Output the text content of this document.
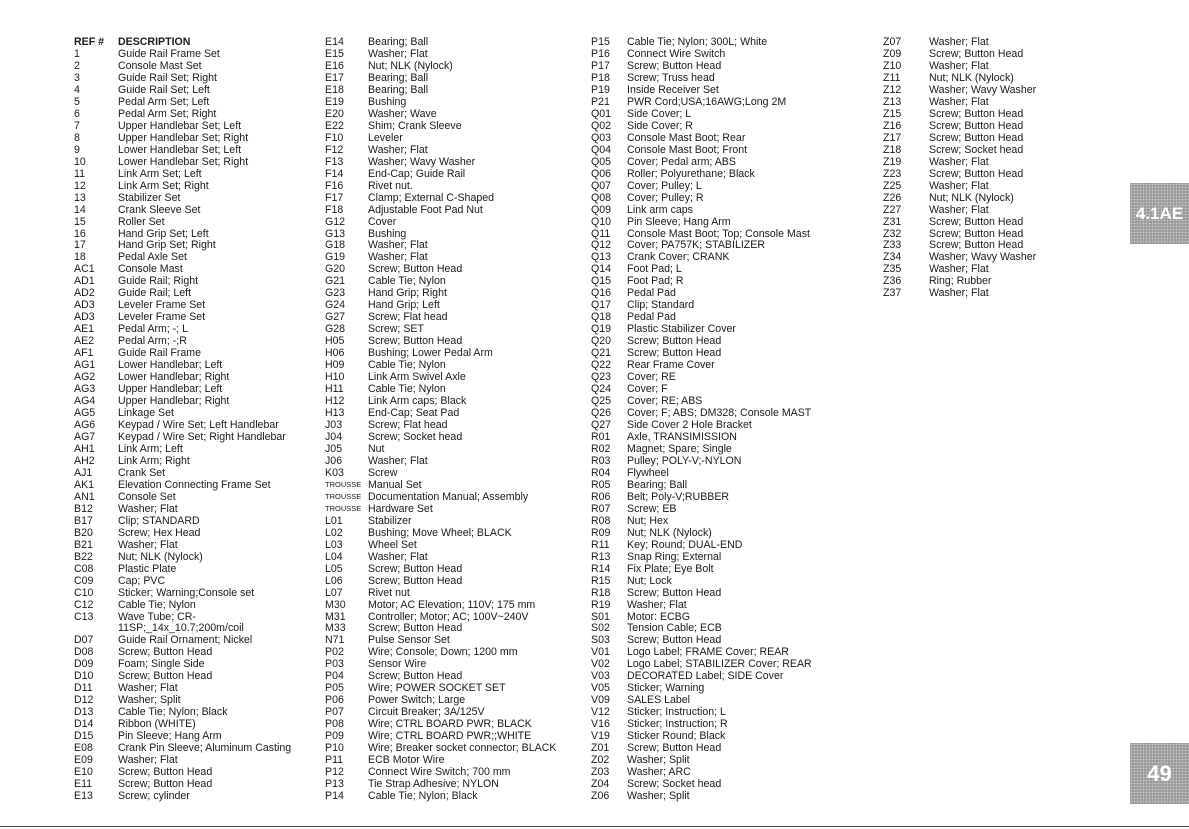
REF # DESCRIPTION
1	Guide Rail Frame Set
2	Console Mast Set
3	Guide Rail Set; Right
4	Guide Rail Set; Left
5	Pedal Arm Set; Left
6	Pedal Arm Set; Right
7	Upper Handlebar Set; Left
8	Upper Handlebar Set; Right
9	Lower Handlebar Set; Left
10	Lower Handlebar Set; Right
11	Link Arm Set; Left
12	Link Arm Set; Right
13	Stabilizer Set
14	Crank Sleeve Set
15	Roller Set
16	Hand Grip Set; Left
17	Hand Grip Set; Right
18	Pedal Axle Set
AC1 Console Mast
AD1 Guide Rail; Right
AD2 Guide Rail; Left
AD3 Leveler Frame Set
AD3 Leveler Frame Set
AE1 Pedal Arm; -; L
AE2 Pedal Arm; -;R
AF1 Guide Rail Frame
AG1 Lower Handlebar; Left
AG2 Lower Handlebar; Right
AG3 Upper Handlebar; Left
AG4 Upper Handlebar; Right
AG5 Linkage Set
AG6 Keypad / Wire Set; Left Handlebar
AG7 Keypad / Wire Set; Right Handlebar
AH1 Link Arm; Left
AH2 Link Arm; Right
AJ1 Crank Set
AK1 Elevation Connecting Frame Set
AN1 Console Set
B12 Washer; Flat
B17 Clip; STANDARD
B20 Screw; Hex Head
B21 Washer; Flat
B22 Nut; NLK (Nylock)
C08 Plastic Plate
C09 Cap; PVC
C10 Sticker; Warning;Console set
C12 Cable Tie; Nylon
C13 Wave Tube; CR-
11SP;_14x_10.7;200m/coil
D07 Guide Rail Ornament; Nickel
D08 Screw; Button Head
D09 Foam; Single Side
D10 Screw; Button Head
D11 Washer; Flat
D12 Washer; Split
D13 Cable Tie; Nylon; Black
D14 Ribbon (WHITE)
D15 Pin Sleeve; Hang Arm
E08 Crank Pin Sleeve; Aluminum Casting
E09 Washer; Flat
E10 Screw; Button Head
E11 Screw; Button Head
E13 Screw; cylinder
E14 Bearing; Ball
E15 Washer; Flat
E16 Nut; NLK (Nylock)
E17 Bearing; Ball
E18 Bearing; Ball
E19 Bushing
E20 Washer; Wave
E22 Shim; Crank Sleeve
F10 Leveler
F12 Washer; Flat
F13 Washer; Wavy Washer
F14 End-Cap; Guide Rail
F16 Rivet nut.
F17 Clamp; External C-Shaped
F18 Adjustable Foot Pad Nut
G12 Cover
G13 Bushing
G18 Washer; Flat
G19 Washer; Flat
G20 Screw; Button Head
G21 Cable Tie; Nylon
G23 Hand Grip; Right
G24 Hand Grip; Left
G27 Screw; Flat head
G28 Screw; SET
H05 Screw; Button Head
H06 Bushing; Lower Pedal Arm
H09 Cable Tie; Nylon
H10 Link Arm Swivel Axle
H11 Cable Tie; Nylon
H12 Link Arm caps; Black
H13 End-Cap; Seat Pad
J03 Screw; Flat head
J04 Screw; Socket head
J05 Nut
J06 Washer; Flat
K03 Screw
TROUSSE Manual Set
TROUSSE Documentation Manual; Assembly
TROUSSE Hardware Set
L01 Stabilizer
L02 Bushing; Move Wheel; BLACK
L03 Wheel Set
L04 Washer; Flat
L05 Screw; Button Head
L06 Screw; Button Head
L07 Rivet nut
M30 Motor; AC Elevation; 110V; 175 mm
M31 Controller; Motor; AC; 100V~240V
M33 Screw; Button Head
N71 Pulse Sensor Set
P02 Wire; Console; Down; 1200 mm
P03 Sensor Wire
P04 Screw; Button Head
P05 Wire; POWER SOCKET SET
P06 Power Switch; Large
P07 Circuit Breaker; 3A/125V
P08 Wire; CTRL BOARD PWR; BLACK
P09 Wire; CTRL BOARD PWR;;WHITE
P10 Wire; Breaker socket connector; BLACK
P11 ECB Motor Wire
P12 Connect Wire Switch; 700 mm
P13 Tie Strap Adhesive; NYLON
P14 Cable Tie; Nylon; Black
P15 Cable Tie; Nylon; 300L; White
P16 Connect Wire Switch
P17 Screw; Button Head
P18 Screw; Truss head
P19 Inside Receiver Set
P21 PWR Cord;USA;16AWG;Long 2M
Q01 Side Cover; L
Q02 Side Cover; R
Q03 Console Mast Boot; Rear
Q04 Console Mast Boot; Front
Q05 Cover; Pedal arm; ABS
Q06 Roller; Polyurethane; Black
Q07 Cover; Pulley; L
Q08 Cover; Pulley; R
Q09 Link arm caps
Q10 Pin Sleeve; Hang Arm
Q11 Console Mast Boot; Top; Console Mast
Q12 Cover; PA757K; STABILIZER
Q13 Crank Cover; CRANK
Q14 Foot Pad; L
Q15 Foot Pad; R
Q16 Pedal Pad
Q17 Clip; Standard
Q18 Pedal Pad
Q19 Plastic Stabilizer Cover
Q20 Screw; Button Head
Q21 Screw; Button Head
Q22 Rear Frame Cover
Q23 Cover; RE
Q24 Cover; F
Q25 Cover; RE; ABS
Q26 Cover; F; ABS; DM328; Console MAST
Q27 Side Cover 2 Hole Bracket
R01 Axle, TRANSIMISSION
R02 Magnet; Spare; Single
R03 Pulley; POLY-V;-NYLON
R04 Flywheel
R05 Bearing; Ball
R06 Belt; Poly-V;RUBBER
R07 Screw; EB
R08 Nut; Hex
R09 Nut; NLK (Nylock)
R11 Key; Round; DUAL-END
R13 Snap Ring; External
R14 Fix Plate; Eye Bolt
R15 Nut; Lock
R18 Screw; Button Head
R19 Washer; Flat
S01 Motor: ECBG
S02 Tension Cable; ECB
S03 Screw; Button Head
V01 Logo Label; FRAME Cover; REAR
V02 Logo Label; STABILIZER Cover; REAR
V03 DECORATED Label; SIDE Cover
V05 Sticker; Warning
V09 SALES Label
V12 Sticker; Instruction; L
V16 Sticker; Instruction; R
V19 Sticker Round; Black
Z01 Screw; Button Head
Z02 Washer; Split
Z03 Washer; ARC
Z04 Screw; Socket head
Z06 Washer; Split
Z07	Washer; Flat
Z09	Screw; Button Head
Z10	Washer; Flat
Z11	Nut; NLK (Nylock)
Z12	Washer; Wavy Washer
Z13	Washer; Flat
Z15	Screw; Button Head
Z16	Screw; Button Head
Z17	Screw; Button Head
Z18	Screw; Socket head
Z19	Washer; Flat
Z23	Screw; Button Head
Z25	Washer; Flat
Z26	Nut; NLK (Nylock)
Z27	Washer; Flat
Z31	Screw; Button Head
Z32	Screw; Button Head
Z33	Screw; Button Head
Z34	Washer; Wavy Washer
Z35	Washer; Flat
Z36	Ring; Rubber
Z37	Washer; Flat
4.1AE
49
